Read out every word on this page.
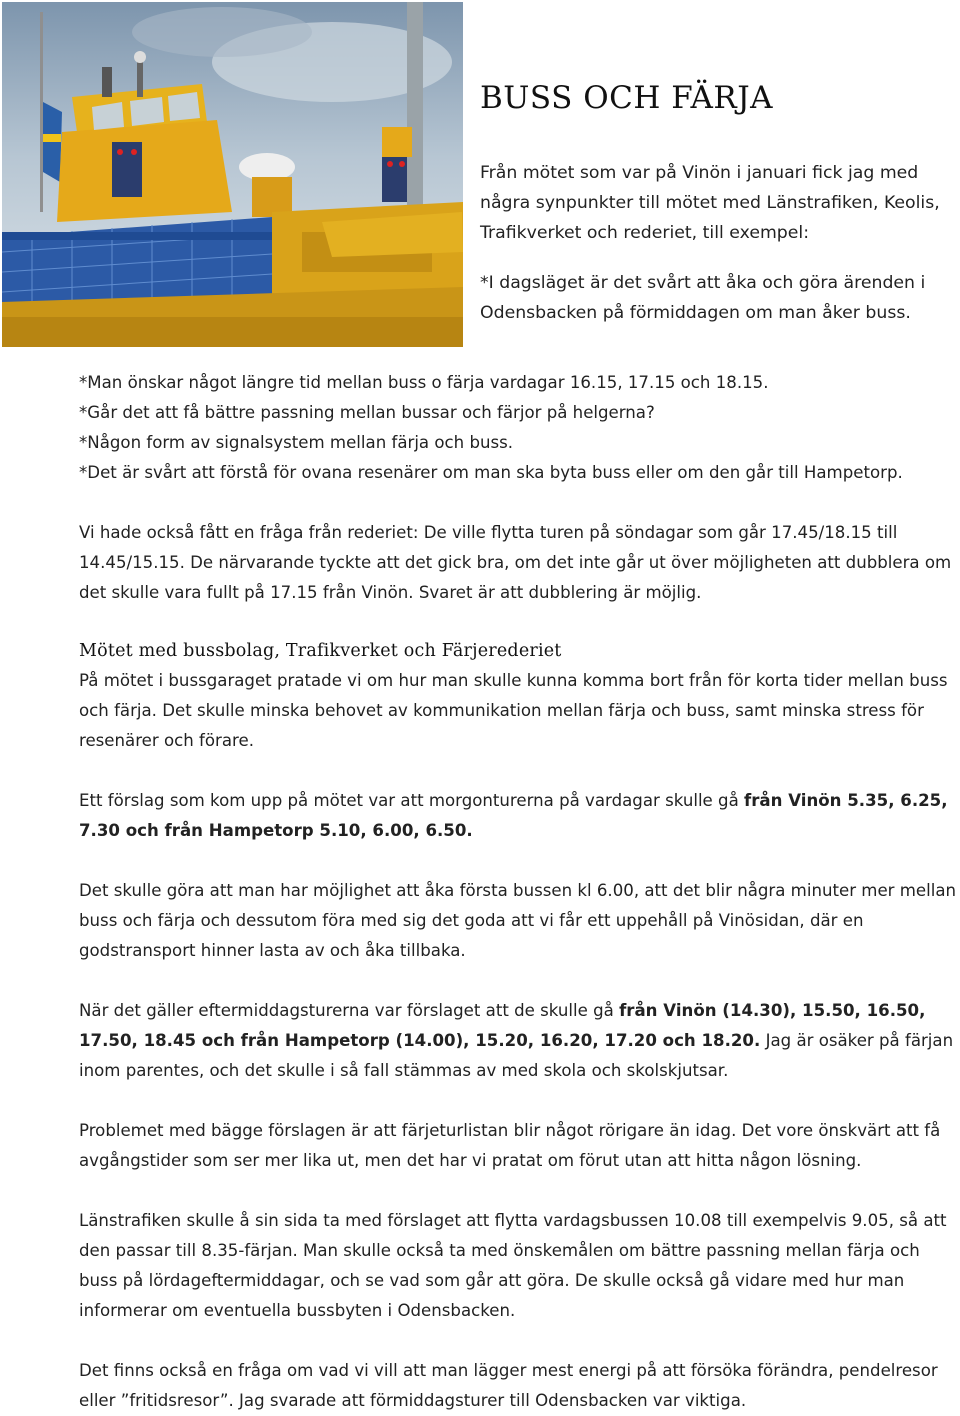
BUSS OCH FÄRJA

Från mötet som var på Vinön i januari fick jag med några synpunkter till mötet med Länstrafiken, Keolis, Trafikverket och rederiet, till exempel:

*I dagsläget är det svårt att åka och göra ärenden i Odensbacken på förmiddagen om man åker buss.

*Man önskar något längre tid mellan buss o färja vardagar 16.15, 17.15 och 18.15.

*Går det att få bättre passning mellan bussar och färjor på helgerna?

*Någon form av signalsystem mellan färja och buss.

*Det är svårt att förstå för ovana resenärer om man ska byta buss eller om den går till Hampetorp.

Vi hade också fått en fråga från rederiet: De ville flytta turen på söndagar som går 17.45/18.15 till 14.45/15.15. De närvarande tyckte att det gick bra, om det inte går ut över möjligheten att dubblera om det skulle vara fullt på 17.15 från Vinön. Svaret är att dubblering är möjlig.

Mötet med bussbolag, Trafikverket och Färjerederiet

På mötet i bussgaraget pratade vi om hur man skulle kunna komma bort från för korta tider mellan buss och färja. Det skulle minska behovet av kommunikation mellan färja och buss, samt minska stress för resenärer och förare.

Ett förslag som kom upp på mötet var att morgonturerna på vardagar skulle gå från Vinön 5.35, 6.25, 7.30 och från Hampetorp 5.10, 6.00, 6.50.

Det skulle göra att man har möjlighet att åka första bussen kl 6.00, att det blir några minuter mer mellan buss och färja och dessutom föra med sig det goda att vi får ett uppehåll på Vinösidan, där en godstransport hinner lasta av och åka tillbaka.

När det gäller eftermiddagsturerna var förslaget att de skulle gå från Vinön (14.30), 15.50, 16.50, 17.50, 18.45 och från Hampetorp (14.00), 15.20, 16.20, 17.20 och 18.20. Jag är osäker på färjan inom parentes, och det skulle i så fall stämmas av med skola och skolskjutsar.

Problemet med bägge förslagen är att färjeturlistan blir något rörigare än idag. Det vore önskvärt att få avgångstider som ser mer lika ut, men det har vi pratat om förut utan att hitta någon lösning.

Länstrafiken skulle å sin sida ta med förslaget att flytta vardagsbussen 10.08 till exempelvis 9.05, så att den passar till 8.35-färjan. Man skulle också ta med önskemålen om bättre passning mellan färja och buss på lördageftermiddagar, och se vad som går att göra. De skulle också gå vidare med hur man informerar om eventuella bussbyten i Odensbacken.

Det finns också en fråga om vad vi vill att man lägger mest energi på att försöka förändra, pendelresor eller ”fritidsresor”. Jag svarade att förmiddagsturer till Odensbacken var viktiga.
